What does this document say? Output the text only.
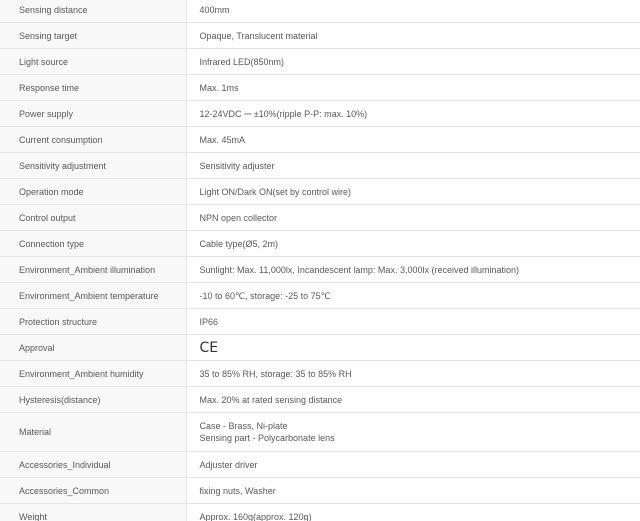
Sensing distance	400mm
Sensing target	Opaque, Translucent material
Light source	Infrared LED(850nm)
Response time	Max. 1ms
Power supply	12-24VDC ⎓ ±10%(ripple P-P: max. 10%)
Current consumption	Max. 45mA
Sensitivity adjustment	Sensitivity adjuster
Operation mode	Light ON/Dark ON(set by control wire)
Control output	NPN open collector
Connection type	Cable type(Ø5, 2m)
Environment_Ambient illumination	Sunlight: Max. 11,000lx, Incandescent lamp: Max. 3,000lx (received illumination)
Environment_Ambient temperature	-10 to 60℃, storage: -25 to 75℃
Protection structure	IP66
Approval	CE
Environment_Ambient humidity	35 to 85% RH, storage: 35 to 85% RH
Hysteresis(distance)	Max. 20% at rated sensing distance
Material	Case - Brass, Ni-plate
Sensing part - Polycarbonate lens

Accessories_Individual	Adjuster driver
Accessories_Common	fixing nuts, Washer
Weight	Approx. 160g(approx. 120g)
